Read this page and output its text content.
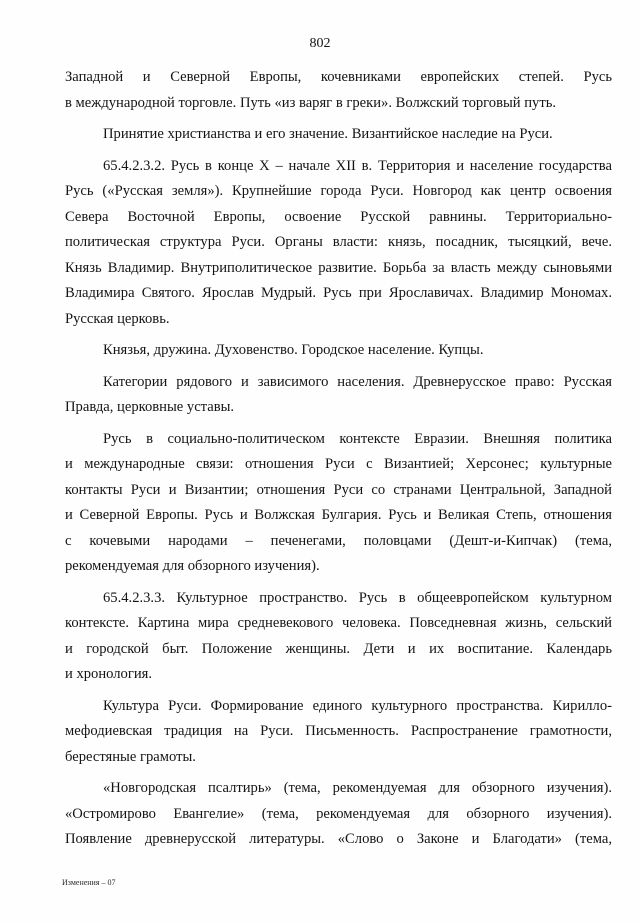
802
Западной и Северной Европы, кочевниками европейских степей. Русь
в международной торговле. Путь «из варяг в греки». Волжский торговый путь.
Принятие христианства и его значение. Византийское наследие на Руси.
65.4.2.3.2. Русь в конце X – начале XII в. Территория и население государства
Русь («Русская земля»). Крупнейшие города Руси. Новгород как центр освоения
Севера Восточной Европы, освоение Русской равнины. Территориально-
политическая структура Руси. Органы власти: князь, посадник, тысяцкий, вече.
Князь Владимир. Внутриполитическое развитие. Борьба за власть между сыновьями
Владимира Святого. Ярослав Мудрый. Русь при Ярославичах. Владимир Мономах.
Русская церковь.
Князья, дружина. Духовенство. Городское население. Купцы.
Категории рядового и зависимого населения. Древнерусское право: Русская
Правда, церковные уставы.
Русь в социально-политическом контексте Евразии. Внешняя политика
и международные связи: отношения Руси с Византией; Херсонес; культурные
контакты Руси и Византии; отношения Руси со странами Центральной, Западной
и Северной Европы. Русь и Волжская Булгария. Русь и Великая Степь, отношения
с кочевыми народами – печенегами, половцами (Дешт-и-Кипчак) (тема,
рекомендуемая для обзорного изучения).
65.4.2.3.3. Культурное пространство. Русь в общеевропейском культурном
контексте. Картина мира средневекового человека. Повседневная жизнь, сельский
и городской быт. Положение женщины. Дети и их воспитание. Календарь
и хронология.
Культура Руси. Формирование единого культурного пространства. Кирилло-
мефодиевская традиция на Руси. Письменность. Распространение грамотности,
берестяные грамоты.
«Новгородская псалтирь» (тема, рекомендуемая для обзорного изучения).
«Остромирово Евангелие» (тема, рекомендуемая для обзорного изучения).
Появление древнерусской литературы. «Слово о Законе и Благодати» (тема,
Изменения – 07
